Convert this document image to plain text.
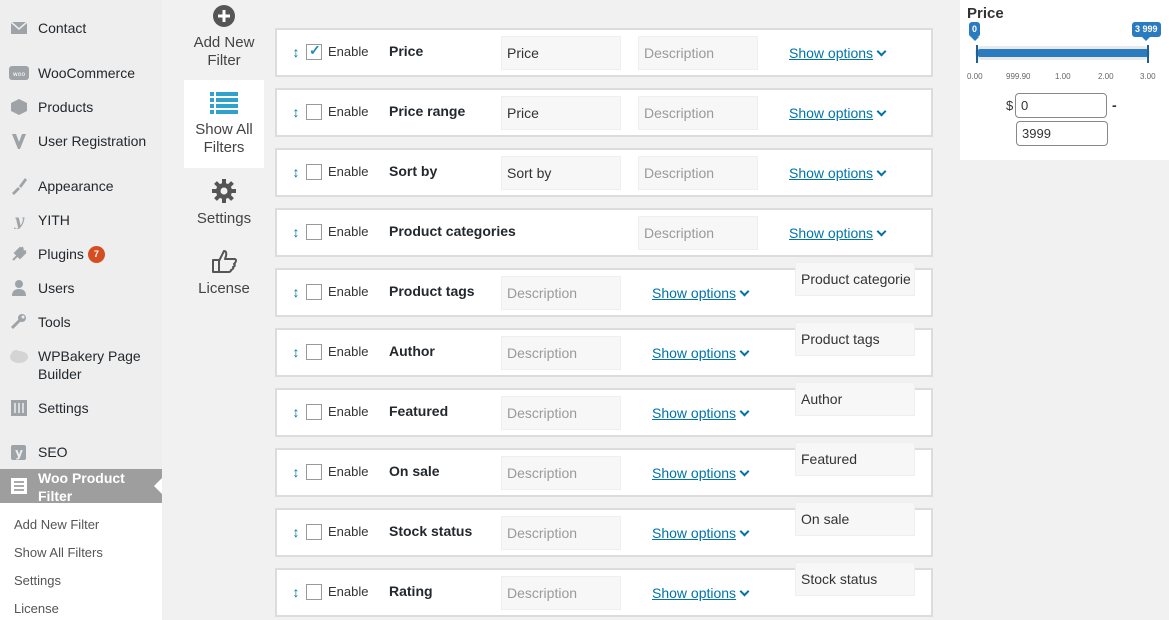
Contact
woo WooCommerce
Products
User Registration
Appearance
y YITH
Plugins 7
Users
Tools
WPBakery Page Builder
Settings
y SEO
Woo Product Filter
Add New Filter
Show All Filters
Settings
License
Add New Filter
Show All Filters
Settings
License
↕ ✓ Enable Price	Price	Description	Show options
↕ Enable Price range	Price	Description	Show options
↕ Enable Sort by	Sort by	Description	Show options
↕ Enable Product categories	Description	Show options
↕ Enable Product tags	Description	Show options
↕ Enable Author	Description	Show options
↕ Enable Featured	Description	Show options
↕ Enable On sale	Description	Show options
↕ Enable Stock status	Description	Show options
↕ Enable Rating	Description	Show options
Product categorie
Product tags
Author
Featured
On sale
Stock status
Price
0	3 999
0.00	999.90	1.00	2.00	3.00
$ 0	-
3999
